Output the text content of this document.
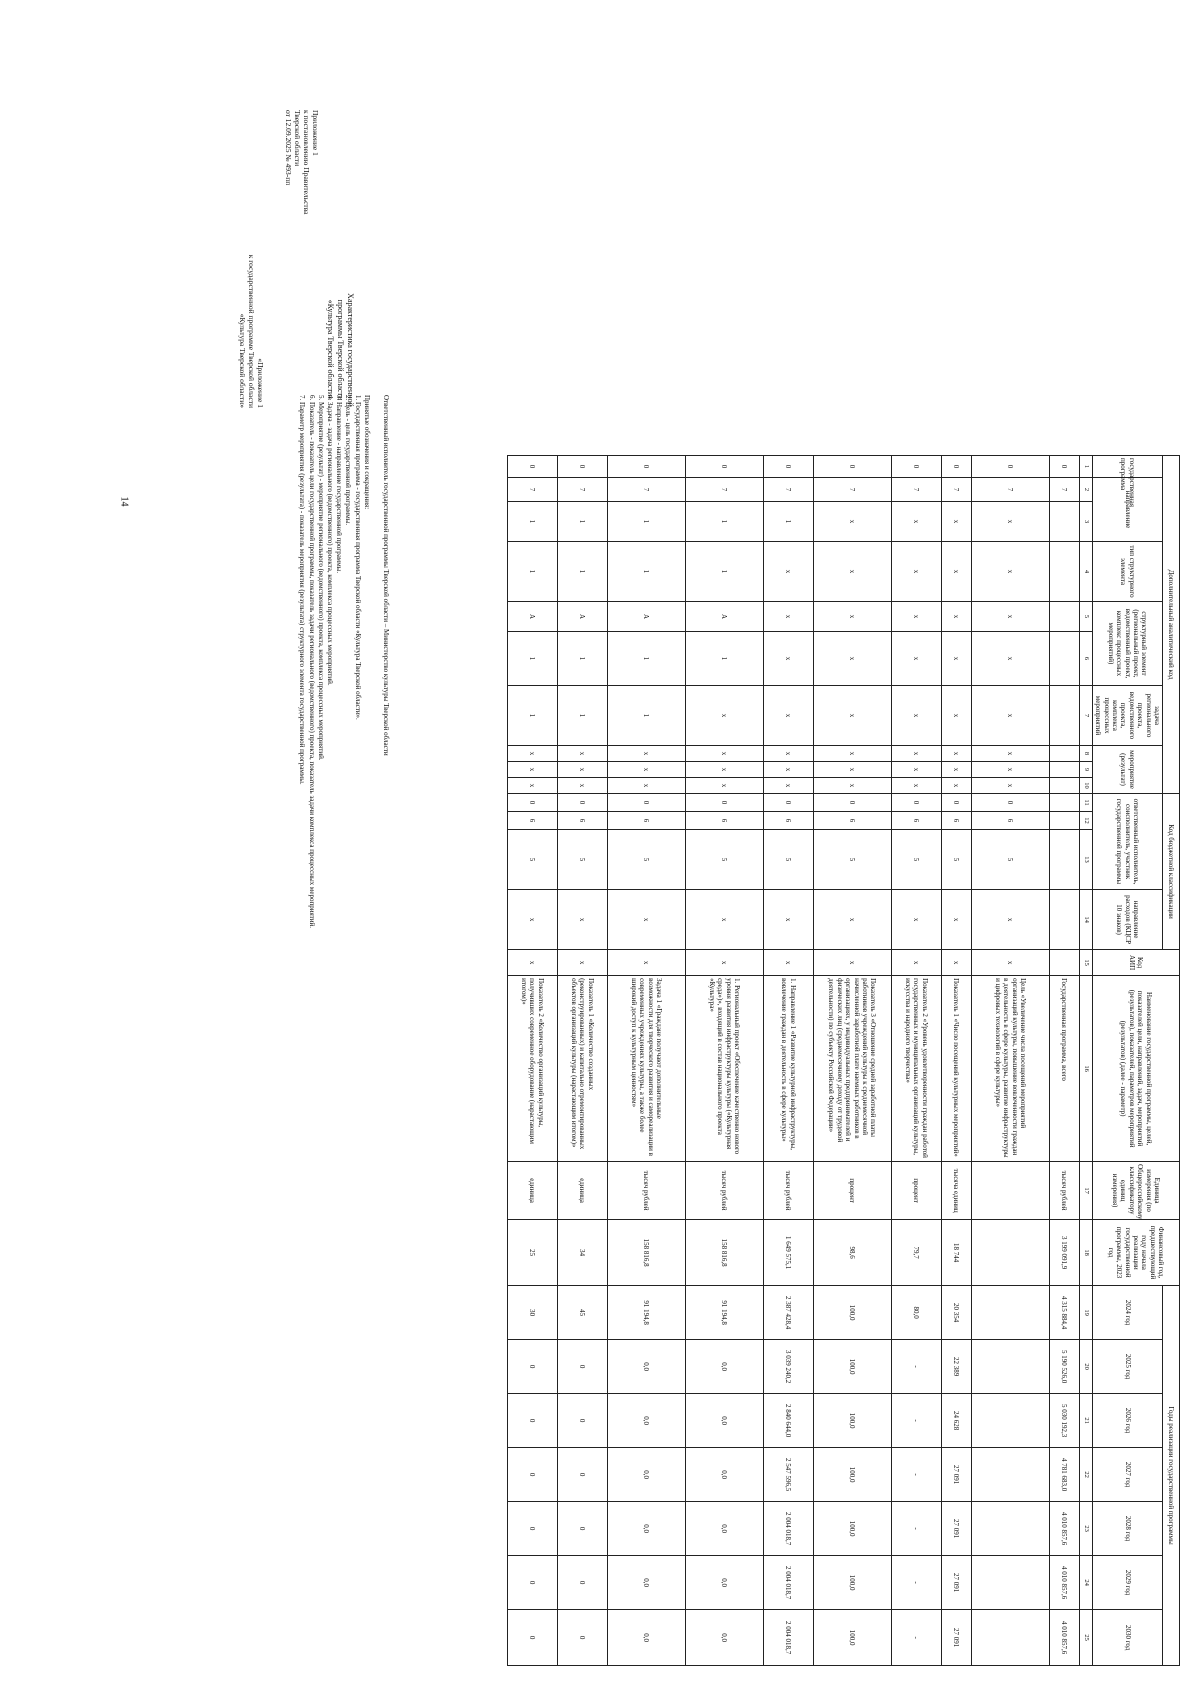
14
Приложение 1
к постановлению Правительства
Тверской области
от 12.09.2025 № 493-пп
«Приложение 1
к государственной программе Тверской области
«Культура Тверской области»	Характеристика государственной программы Тверской области
«Культура Тверской области»

Ответственный исполнитель государственной программы Тверской области – Министерство культуры Тверской области

Принятые обозначения и сокращения:

1. Государственная программа - государственная программа Тверской области «Культура Тверской области».

2. Цель - цель государственной программы.

3. Направление - направление государственной программы.

4. Задача - задача регионального (ведомственного) проекта, комплекса процессных мероприятий.

5. Мероприятие (результат) - мероприятие регионального (ведомственного) проекта, комплекса процессных мероприятий.

6. Показатель - показатель цели государственной программы, показатель задачи регионального (ведомственного) проекта, показатель задачи комплекса процессных мероприятий.

7. Параметр мероприятия (результата) - показатель мероприятия (результата) структурного элемента государственной программы.	Дополнительный аналитический код										Код бюджетной классификации				Код АИП	Наименование государственной программы, целей, показателей цели, направлений, задач, мероприятий (результатов), показателей, параметров мероприятий (результатов) (далее - параметр)	Единица измерения (по Общероссийскому классификатору единиц измерения)	Финансовый год, предшествующий году начала реализации государственной программы, 2023 год	Годы реализации государственной программы						
государственная программа	направление		тип структурного элемента	структурный элемент (региональный проект, ведомственный проект, комплекс процессных мероприятий)		задача регионального проекта, ведомственного проекта, комплекса процессных мероприятий	мероприятие (результат)			ответственный исполнитель, соисполнитель, участник государственной программы			направление расходов (КЦСР 10 знаков)					2024 год	2025 год	2026 год	2027 год	2028 год	2029 год	2030 год

1	2	3	4	5	6	7	8	9	10	11	12	13	14	15	16	17	18	19	20	21	22	23	24	25
0	7														Государственная программа, всего	тысяч рублей	3 199 091,9	4 315 884,4	5 190 526,0	5 030 192,3	4 781 683,0	4 010 857,6	4 010 857,6	4 010 857,6
0	7	x	x	x	x	x	x	x	x	0	6	5	x	x	Цель «Увеличение числа посещений мероприятий организаций культуры, повышение вовлеченности граждан в деятельность в сфере культуры, развитие инфраструктуры и цифровых технологий в сфере культуры»									
0	7	x	x	x	x	x	x	x	x	0	6	5	x	x	Показатель 1 «Число посещений культурных мероприятий»	тысяча единиц	18 744	20 354	22 389	24 628	27 091	27 091	27 091	27 091
0	7	x	x	x	x	x	x	x	x	0	6	5	x	x	Показатель 2 «Уровень удовлетворенности граждан работой государственных и муниципальных организаций культуры, искусства и народного творчества»	процент	79,7	80,0	-	-	-	-	-	-
0	7	x	x	x	x	x	x	x	x	0	6	5	x	x	Показатель 3 «Отношение средней заработной платы работников учреждений культуры к среднемесячной начисленной заработной плате наемных работников в организациях, у индивидуальных предпринимателей и физических лиц (среднемесячному доходу от трудовой деятельности) по субъекту Российской Федерации»	процент	98,6	100,0	100,0	100,0	100,0	100,0	100,0	100,0
0	7	1	x	x	x	x	x	x	x	0	6	5	x	x	1. Направление 1 «Развитие культурной инфраструктуры, вовлечение граждан в деятельность в сфере культуры»	тысяч рублей	1 649 575,1	2 387 428,4	3 039 240,2	2 840 644,0	2 547 596,5	2 004 018,7	2 004 018,7	2 004 018,7
0	7	1	1	А	1	x	x	x	x	0	6	5	x	x	1. Региональный проект «Обеспечение качественно нового уровня развития инфраструктуры культуры («Культурная среда»)», входящий в состав национального проекта «Культура»	тысяч рублей	158 816,8	91 194,8	0,0	0,0	0,0	0,0	0,0	0,0
0	7	1	1	А	1	1	x	x	x	0	6	5	x	x	Задача 1 «Граждане получают дополнительные возможности для творческого развития и самореализации в современных учреждениях культуры, а также более широкий доступ к культурным ценностям»	тысяч рублей	158 816,8	91 194,8	0,0	0,0	0,0	0,0	0,0	0,0
0	7	1	1	А	1	1	x	x	x	0	6	5	x	x	Показатель 1 «Количество созданных (реконструированных) и капитально отремонтированных объектов организаций культуры (нарастающим итогом)»	единица	34	45	0	0	0	0	0	0
0	7	1	1	А	1	1	x	x	x	0	6	5	x	x	Показатель 2 «Количество организаций культуры, получивших современное оборудование (нарастающим итогом)»	единица	25	30	0	0	0	0	0	0
